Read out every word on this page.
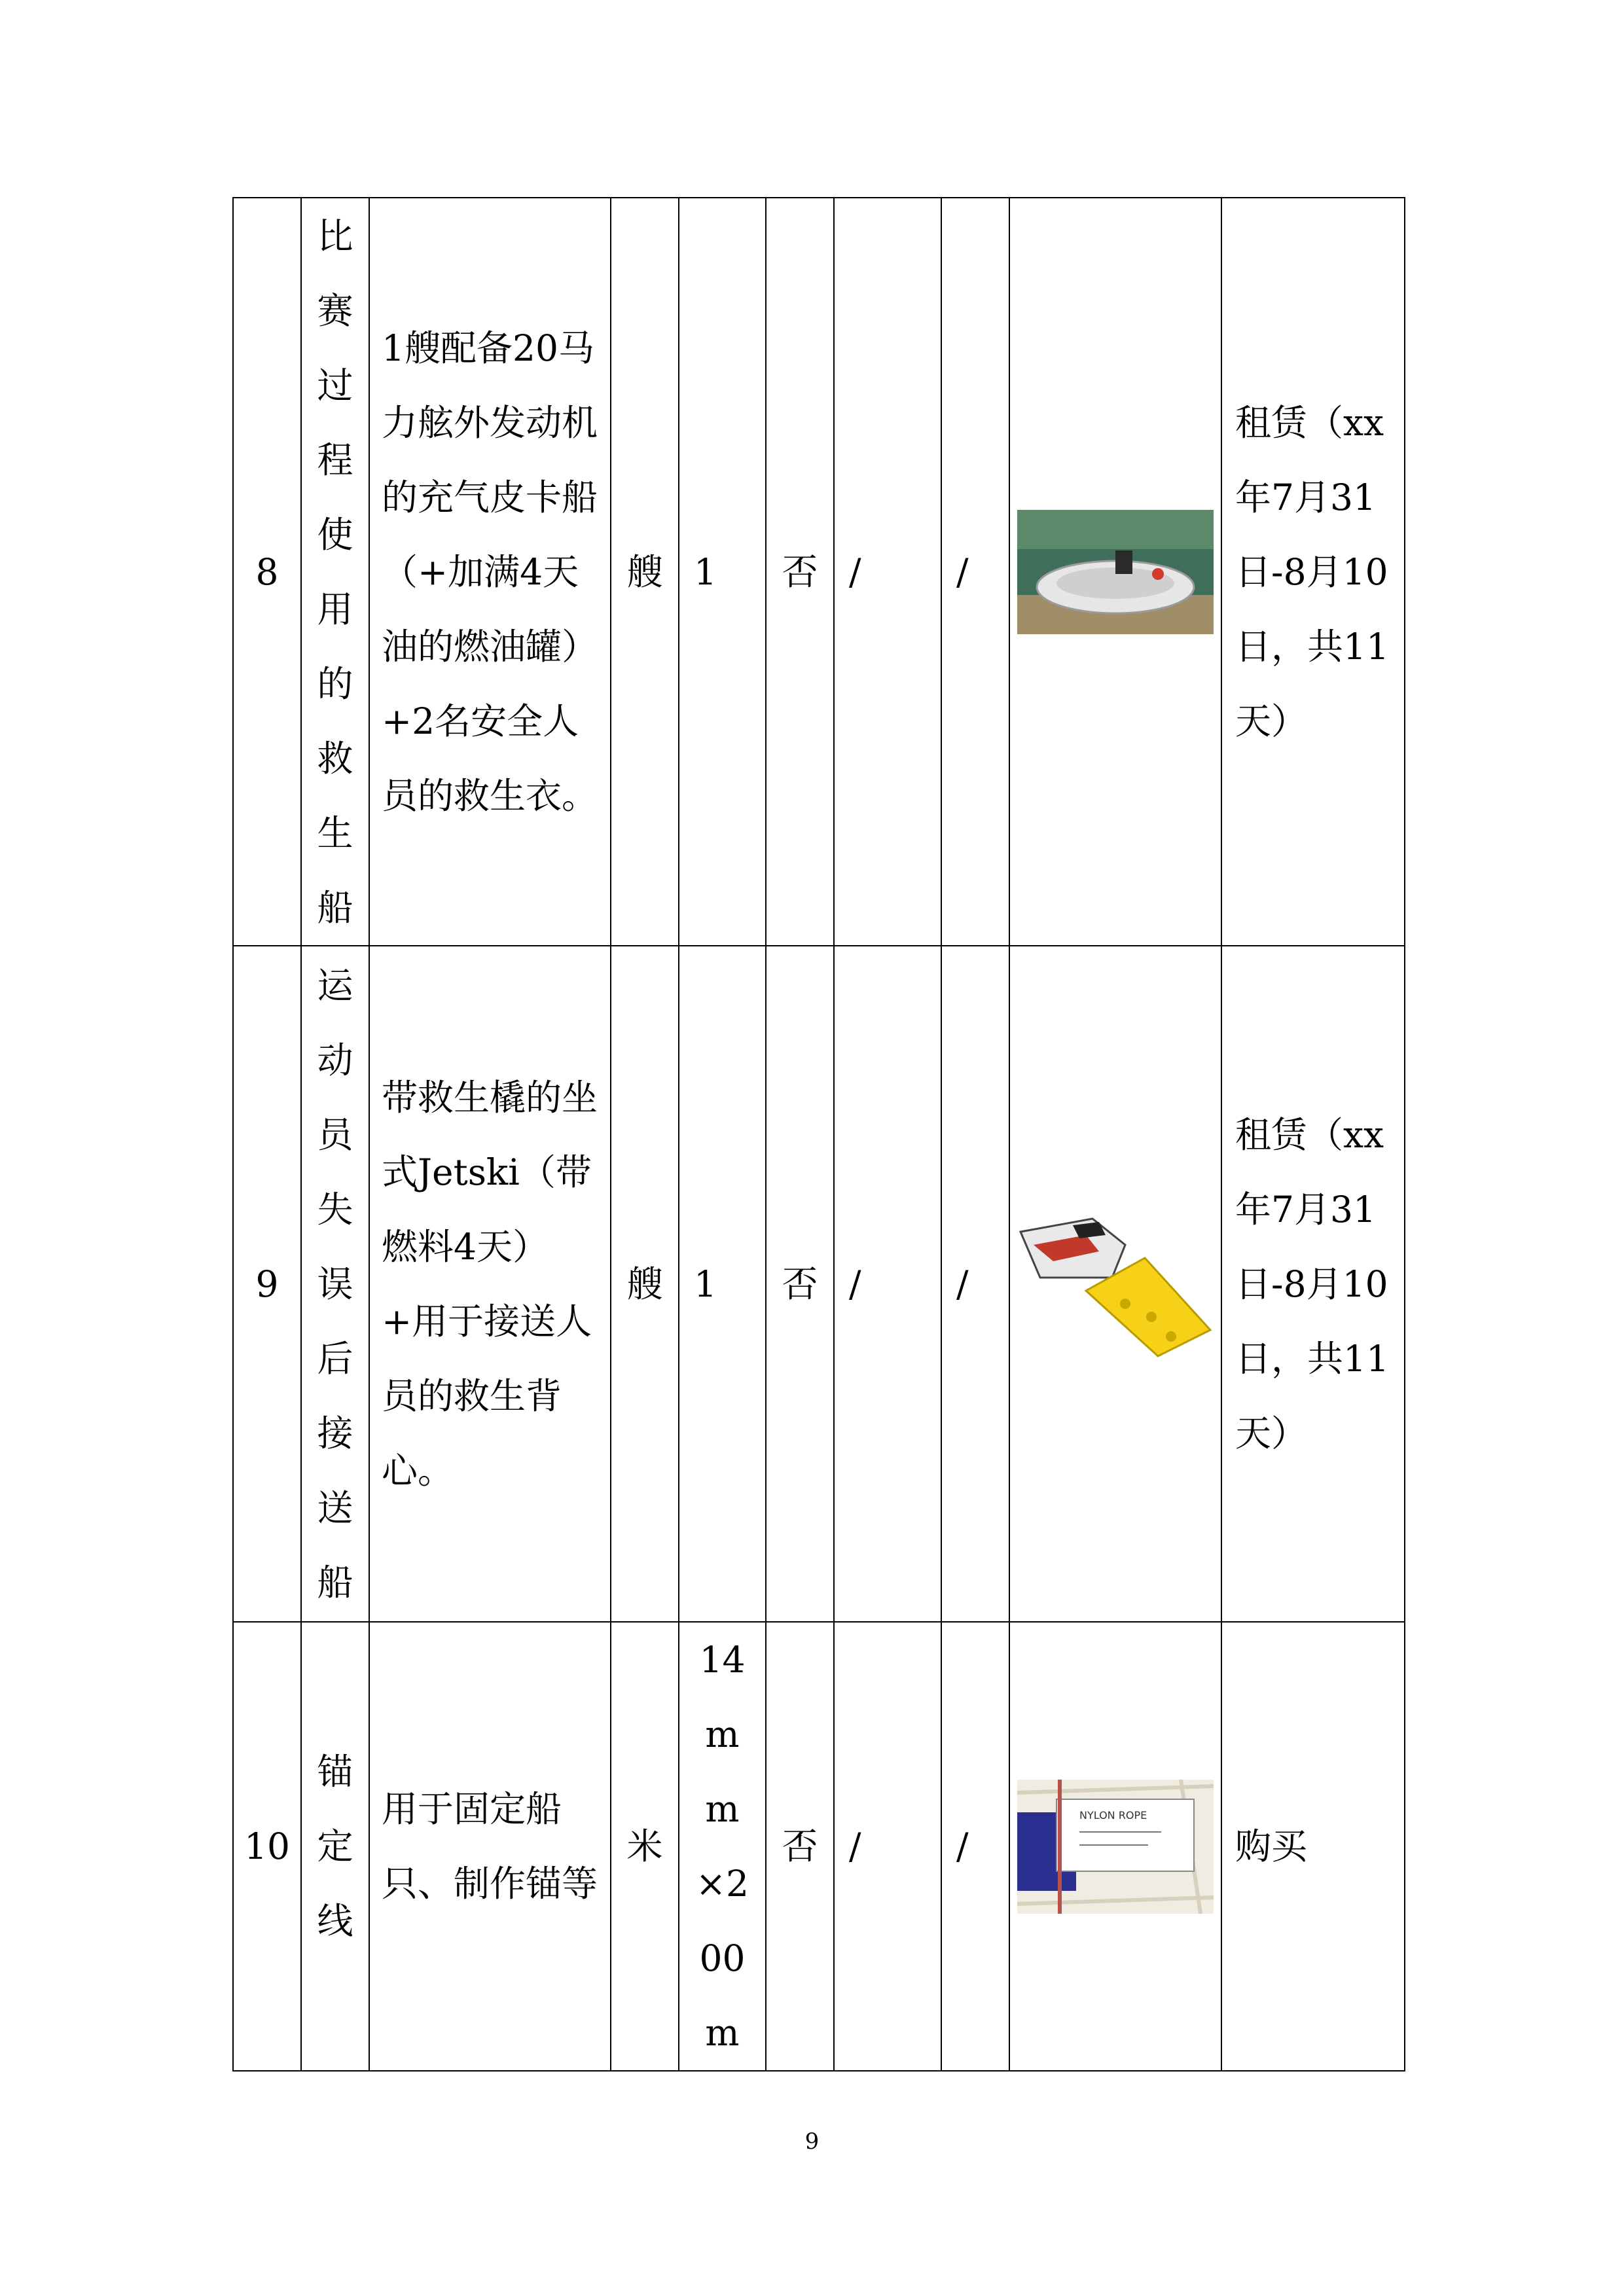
8	比赛过程使用的救生船	1艘配备20马力舷外发动机的充气皮卡船（+加满4天油的燃油罐）+2名安全人员的救生衣。	艘	1	否	/	/		租赁（xx年7月31日-8月10日，共11天）

9	运动员失误后接送船	带救生橇的坐式Jetski（带燃料4天）+用于接送人员的救生背心。	艘	1	否	/	/		租赁（xx年7月31日-8月10日，共11天）

10	锚定线	用于固定船只、制作锚等	米	14mm×200m	否	/	/	NYLON ROPE	购买
9
